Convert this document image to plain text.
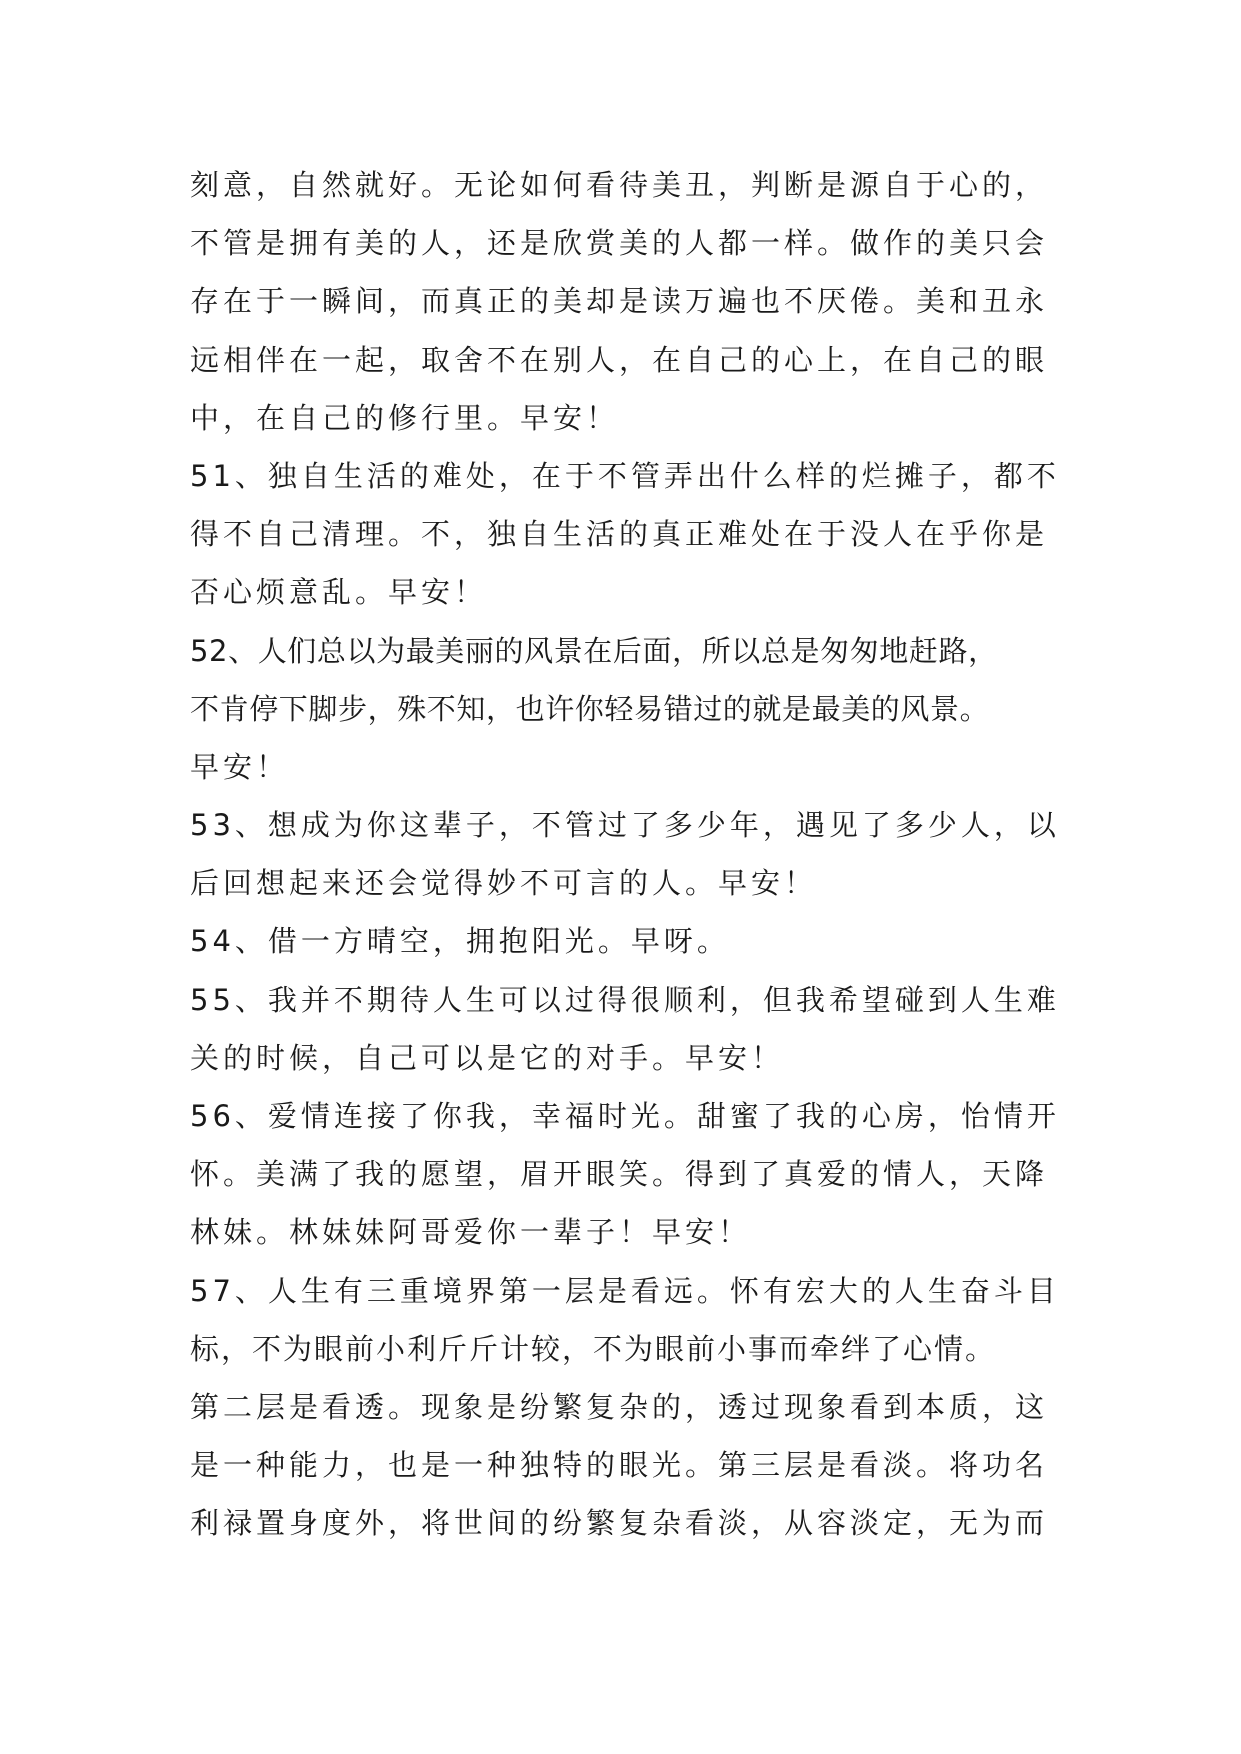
刻意，自然就好。无论如何看待美丑，判断是源自于心的，
不管是拥有美的人，还是欣赏美的人都一样。做作的美只会
存在于一瞬间，而真正的美却是读万遍也不厌倦。美和丑永
远相伴在一起，取舍不在别人，在自己的心上，在自己的眼
中，在自己的修行里。早安！
51、独自生活的难处，在于不管弄出什么样的烂摊子，都不
得不自己清理。不，独自生活的真正难处在于没人在乎你是
否心烦意乱。早安！
52、人们总以为最美丽的风景在后面，所以总是匆匆地赶路，
不肯停下脚步，殊不知，也许你轻易错过的就是最美的风景。
早安！
53、想成为你这辈子，不管过了多少年，遇见了多少人，以
后回想起来还会觉得妙不可言的人。早安！
54、借一方晴空，拥抱阳光。早呀。
55、我并不期待人生可以过得很顺利，但我希望碰到人生难
关的时候，自己可以是它的对手。早安！
56、爱情连接了你我，幸福时光。甜蜜了我的心房，怡情开
怀。美满了我的愿望，眉开眼笑。得到了真爱的情人，天降
林妹。林妹妹阿哥爱你一辈子！早安！
57、人生有三重境界第一层是看远。怀有宏大的人生奋斗目
标，不为眼前小利斤斤计较，不为眼前小事而牵绊了心情。
第二层是看透。现象是纷繁复杂的，透过现象看到本质，这
是一种能力，也是一种独特的眼光。第三层是看淡。将功名
利禄置身度外，将世间的纷繁复杂看淡，从容淡定，无为而
